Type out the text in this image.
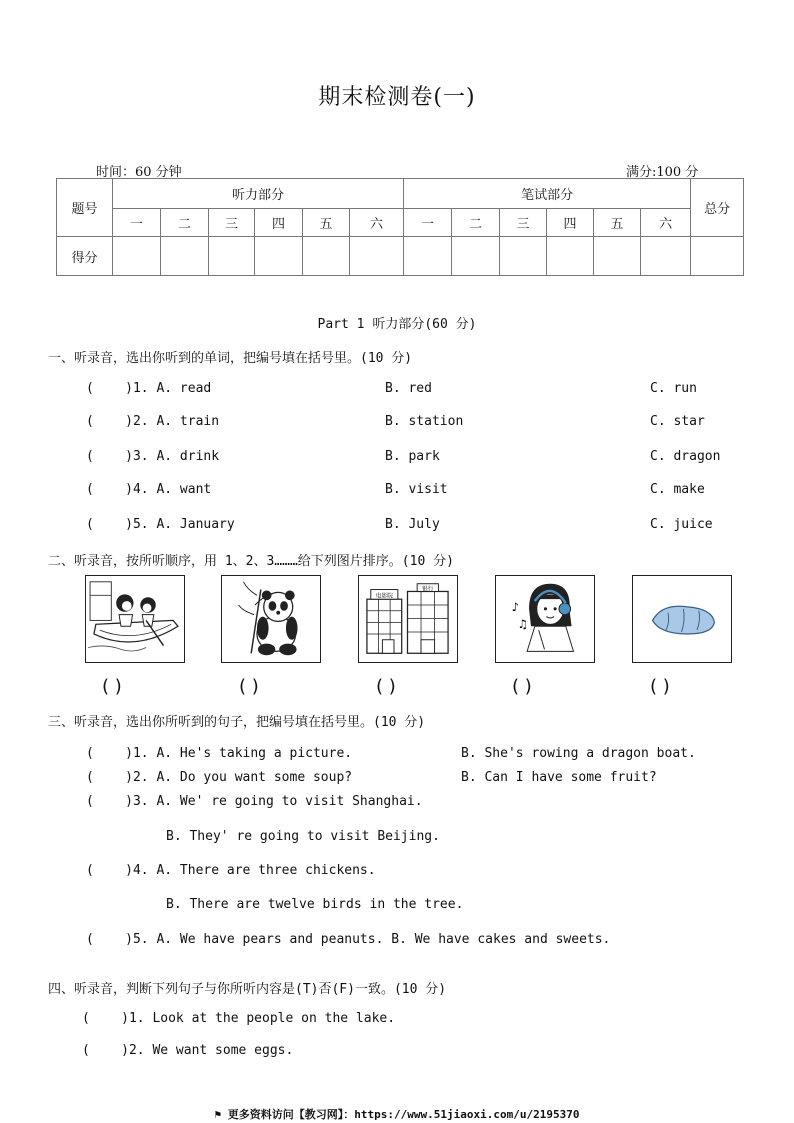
期末检测卷(一)
时间：60 分钟	满分:100 分
题号	听力部分						笔试部分						总分
	一	二	三	四	五	六	一	二	三	四	五	六	
得分													
Part 1 听力部分(60 分)
一、听录音，选出你听到的单词，把编号填在括号里。(10 分)
(    )1. A. read	B. red	C. run
(    )2. A. train	B. station	C. star
(    )3. A. drink	B. park	C. dragon
(    )4. A. want	B. visit	C. make
(    )5. A. January	B. July	C. juice
二、听录音，按所听顺序，用 1、2、3………给下列图片排序。(10 分)
电影院
银行
♪
♫
( )	( )	( )	( )	( )
三、听录音，选出你所听到的句子，把编号填在括号里。(10 分)
(    )1. A. He's taking a picture.	B. She's rowing a dragon boat.
(    )2. A. Do you want some soup?	B. Can I have some fruit?
(    )3. A. We' re going to visit Shanghai.
B. They' re going to visit Beijing.
(    )4. A. There are three chickens.
B. There are twelve birds in the tree.
(    )5. A. We have pears and peanuts. B. We have cakes and sweets.
四、听录音，判断下列句子与你所听内容是(T)否(F)一致。(10 分)
(    )1. Look at the people on the lake.
(    )2. We want some eggs.
⚑ 更多资料访问【教习网】：https://www.51jiaoxi.com/u/2195370
